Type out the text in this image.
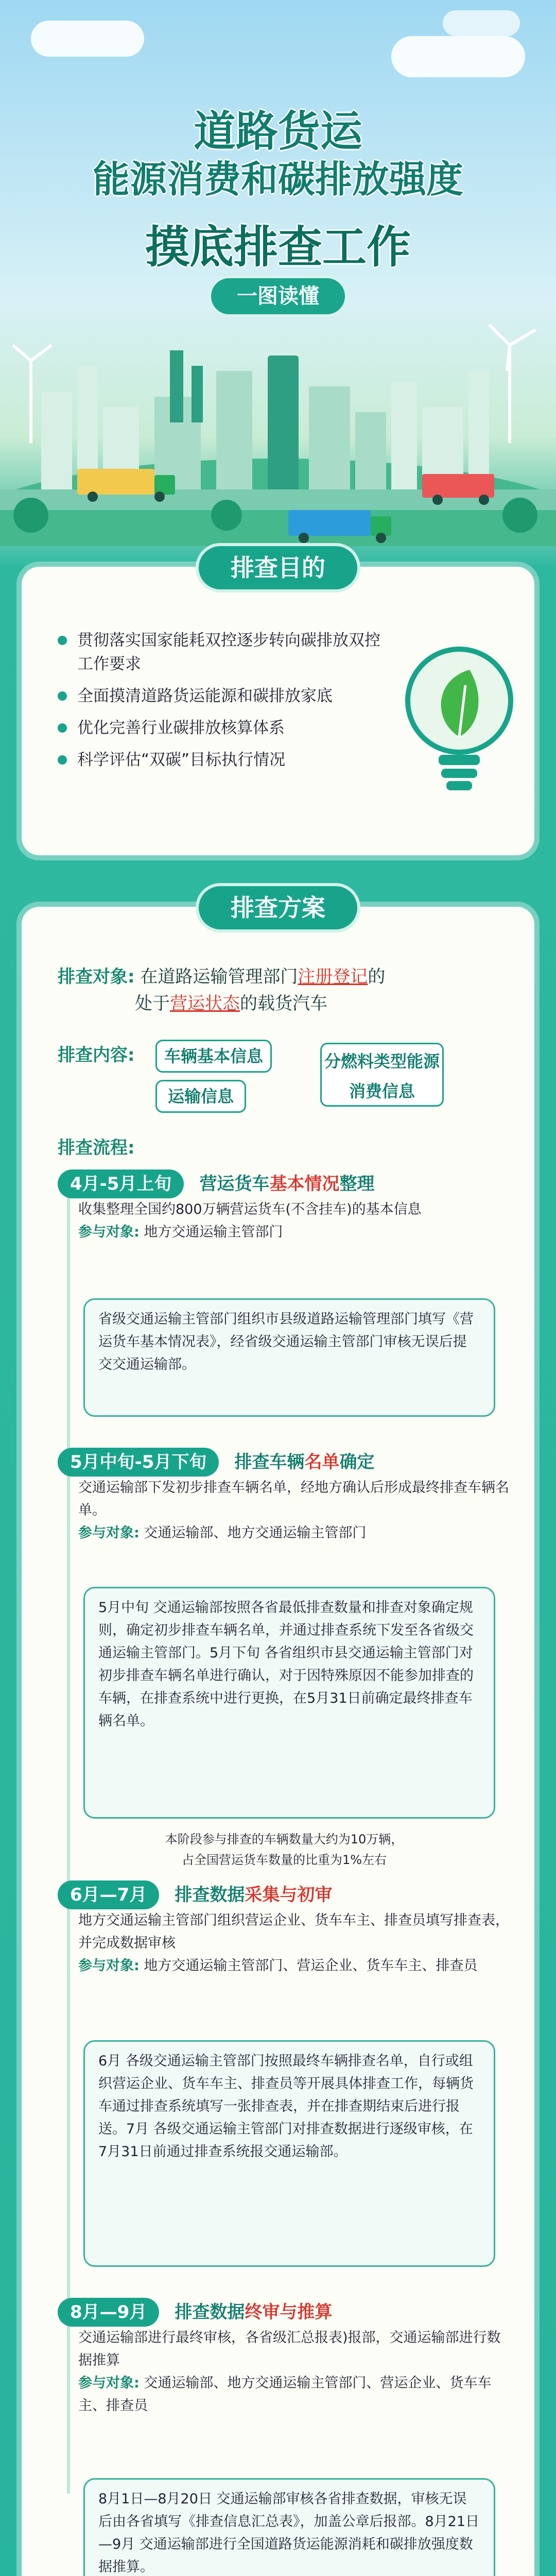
道路货运
能源消费和碳排放强度
摸底排查工作
一图读懂
排查目的
贯彻落实国家能耗双控逐步转向碳排放双控工作要求
全面摸清道路货运能源和碳排放家底
优化完善行业碳排放核算体系
科学评估“双碳”目标执行情况
排查方案
排查对象: 在道路运输管理部门注册登记的
处于营运状态的载货汽车
排查内容:	车辆基本信息
运输信息
分燃料类型能源消费信息
排查流程:
4月-5月上旬 营运货车基本情况整理
收集整理全国约800万辆营运货车(不含挂车)的基本信息
参与对象: 地方交通运输主管部门
省级交通运输主管部门组织市县级道路运输管理部门填写《营运货车基本情况表》，经省级交通运输主管部门审核无误后提交交通运输部。
5月中旬-5月下旬 排查车辆名单确定
交通运输部下发初步排查车辆名单，经地方确认后形成最终排查车辆名单。
参与对象: 交通运输部、地方交通运输主管部门
5月中旬 交通运输部按照各省最低排查数量和排查对象确定规则，确定初步排查车辆名单，并通过排查系统下发至各省级交通运输主管部门。5月下旬 各省组织市县交通运输主管部门对初步排查车辆名单进行确认，对于因特殊原因不能参加排查的车辆，在排查系统中进行更换，在5月31日前确定最终排查车辆名单。
本阶段参与排查的车辆数量大约为10万辆，
占全国营运货车数量的比重为1%左右
6月—7月 排查数据采集与初审
地方交通运输主管部门组织营运企业、货车车主、排查员填写排查表，并完成数据审核
参与对象: 地方交通运输主管部门、营运企业、货车车主、排查员
6月 各级交通运输主管部门按照最终车辆排查名单，自行或组织营运企业、货车车主、排查员等开展具体排查工作，每辆货车通过排查系统填写一张排查表，并在排查期结束后进行报送。7月 各级交通运输主管部门对排查数据进行逐级审核，在7月31日前通过排查系统报交通运输部。
8月—9月 排查数据终审与推算
交通运输部进行最终审核，各省级汇总报表)报部，交通运输部进行数据推算
参与对象: 交通运输部、地方交通运输主管部门、营运企业、货车车主、排查员
8月1日—8月20日 交通运输部审核各省排查数据，审核无误后由各省填写《排查信息汇总表》，加盖公章后报部。8月21日—9月 交通运输部进行全国道路货运能源消耗和碳排放强度数据推算。
